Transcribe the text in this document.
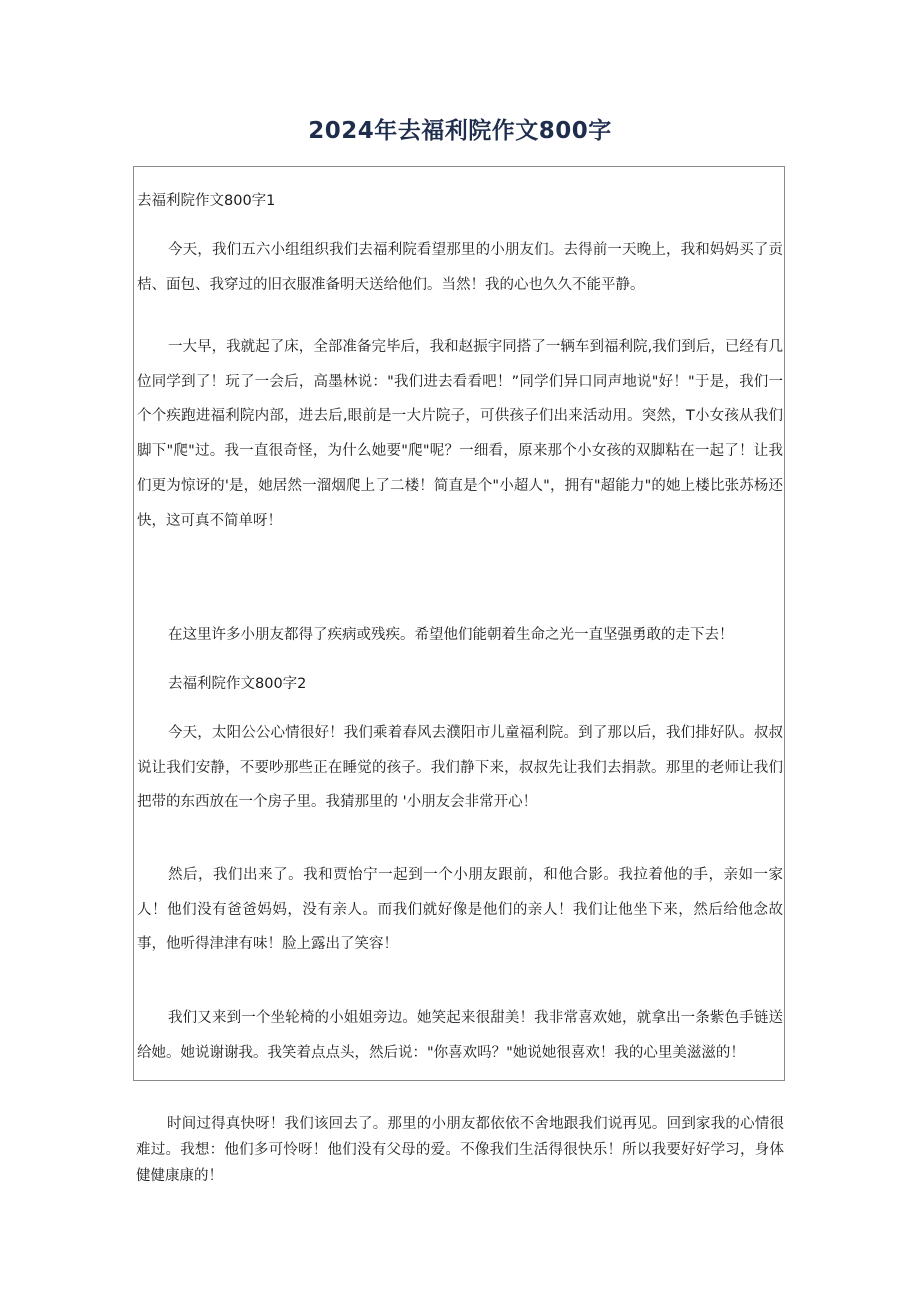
2024年去福利院作文800字

去福利院作文800字1

今天，我们五六小组组织我们去福利院看望那里的小朋友们。去得前一天晚上，我和妈妈买了贡桔、面包、我穿过的旧衣服准备明天送给他们。当然！我的心也久久不能平静。

一大早，我就起了床，全部准备完毕后，我和赵振宇同搭了一辆车到福利院,我们到后，已经有几位同学到了！玩了一会后，高墨林说："我们进去看看吧！”同学们异口同声地说"好！"于是，我们一个个疾跑进福利院内部，进去后,眼前是一大片院子，可供孩子们出来活动用。突然，T小女孩从我们脚下"爬"过。我一直很奇怪，为什么她要"爬"呢？一细看，原来那个小女孩的双脚粘在一起了！让我们更为惊讶的'是，她居然一溜烟爬上了二楼！简直是个"小超人"，拥有"超能力"的她上楼比张苏杨还快，这可真不简单呀！

在这里许多小朋友都得了疾病或残疾。希望他们能朝着生命之光一直坚强勇敢的走下去！

去福利院作文800字2

今天，太阳公公心情很好！我们乘着春风去濮阳市儿童福利院。到了那以后，我们排好队。叔叔说让我们安静，不要吵那些正在睡觉的孩子。我们静下来，叔叔先让我们去捐款。那里的老师让我们把带的东西放在一个房子里。我猜那里的 '小朋友会非常开心！

然后，我们出来了。我和贾怡宁一起到一个小朋友跟前，和他合影。我拉着他的手，亲如一家人！他们没有爸爸妈妈，没有亲人。而我们就好像是他们的亲人！我们让他坐下来，然后给他念故事，他听得津津有味！脸上露出了笑容！

我们又来到一个坐轮椅的小姐姐旁边。她笑起来很甜美！我非常喜欢她，就拿出一条紫色手链送给她。她说谢谢我。我笑着点点头，然后说："你喜欢吗？"她说她很喜欢！我的心里美滋滋的！

时间过得真快呀！我们该回去了。那里的小朋友都依依不舍地跟我们说再见。回到家我的心情很难过。我想：他们多可怜呀！他们没有父母的爱。不像我们生活得很快乐！所以我要好好学习，身体健健康康的！
